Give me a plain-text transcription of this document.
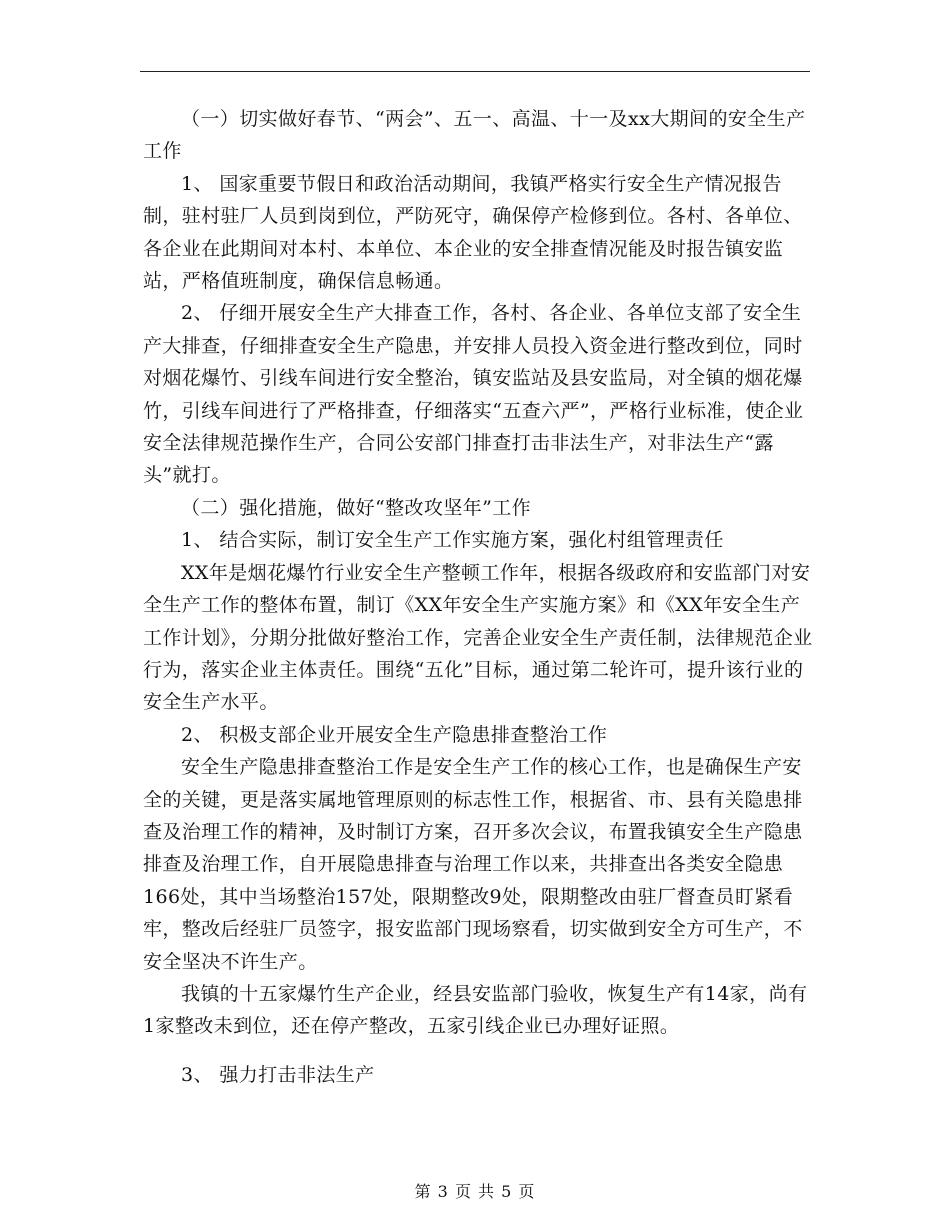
（一）切实做好春节、“两会”、五一、高温、十一及xx大期间的安全生产工作

1、 国家重要节假日和政治活动期间，我镇严格实行安全生产情况报告制，驻村驻厂人员到岗到位，严防死守，确保停产检修到位。各村、各单位、各企业在此期间对本村、本单位、本企业的安全排查情况能及时报告镇安监站，严格值班制度，确保信息畅通。

2、 仔细开展安全生产大排查工作，各村、各企业、各单位支部了安全生产大排查，仔细排查安全生产隐患，并安排人员投入资金进行整改到位，同时对烟花爆竹、引线车间进行安全整治，镇安监站及县安监局，对全镇的烟花爆竹，引线车间进行了严格排查，仔细落实“五查六严”，严格行业标准，使企业安全法律规范操作生产，合同公安部门排查打击非法生产，对非法生产“露头”就打。

（二）强化措施，做好“整改攻坚年”工作

1、 结合实际，制订安全生产工作实施方案，强化村组管理责任

XX年是烟花爆竹行业安全生产整顿工作年，根据各级政府和安监部门对安全生产工作的整体布置，制订《XX年安全生产实施方案》和《XX年安全生产工作计划》，分期分批做好整治工作，完善企业安全生产责任制，法律规范企业行为，落实企业主体责任。围绕“五化”目标，通过第二轮许可，提升该行业的安全生产水平。

2、 积极支部企业开展安全生产隐患排查整治工作

安全生产隐患排查整治工作是安全生产工作的核心工作，也是确保生产安全的关键，更是落实属地管理原则的标志性工作，根据省、市、县有关隐患排查及治理工作的精神，及时制订方案，召开多次会议，布置我镇安全生产隐患排查及治理工作，自开展隐患排查与治理工作以来，共排查出各类安全隐患166处，其中当场整治157处，限期整改9处，限期整改由驻厂督查员盯紧看牢，整改后经驻厂员签字，报安监部门现场察看，切实做到安全方可生产，不安全坚决不许生产。

我镇的十五家爆竹生产企业，经县安监部门验收，恢复生产有14家，尚有1家整改未到位，还在停产整改，五家引线企业已办理好证照。

3、 强力打击非法生产

第 3 页 共 5 页
